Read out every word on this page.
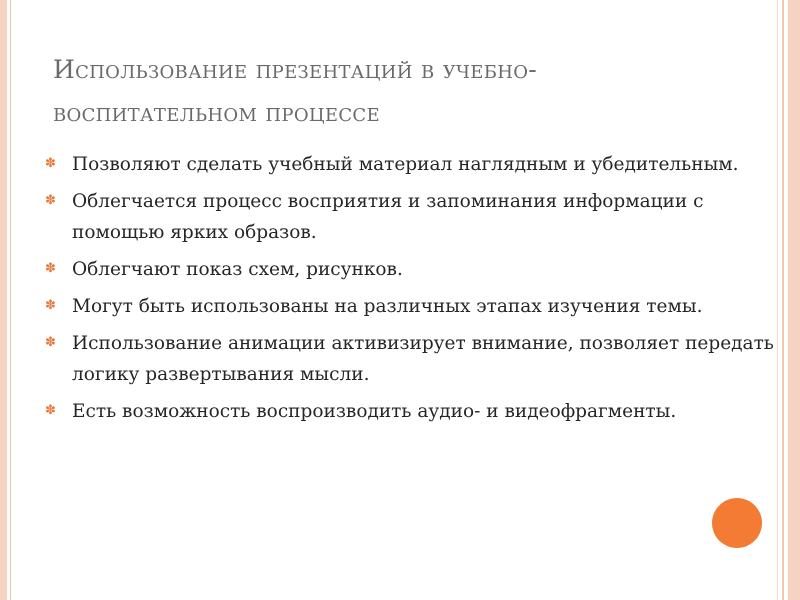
Использование презентаций в учебно-воспитательном процессе
✽ Позволяют сделать учебный материал наглядным и убедительным.
✽ Облегчается процесс восприятия и запоминания информации с помощью ярких образов.
✽ Облегчают показ схем, рисунков.
✽ Могут быть использованы на различных этапах изучения темы.
✽ Использование анимации активизирует внимание, позволяет передать логику развертывания мысли.
✽ Есть возможность воспроизводить аудио- и видеофрагменты.
